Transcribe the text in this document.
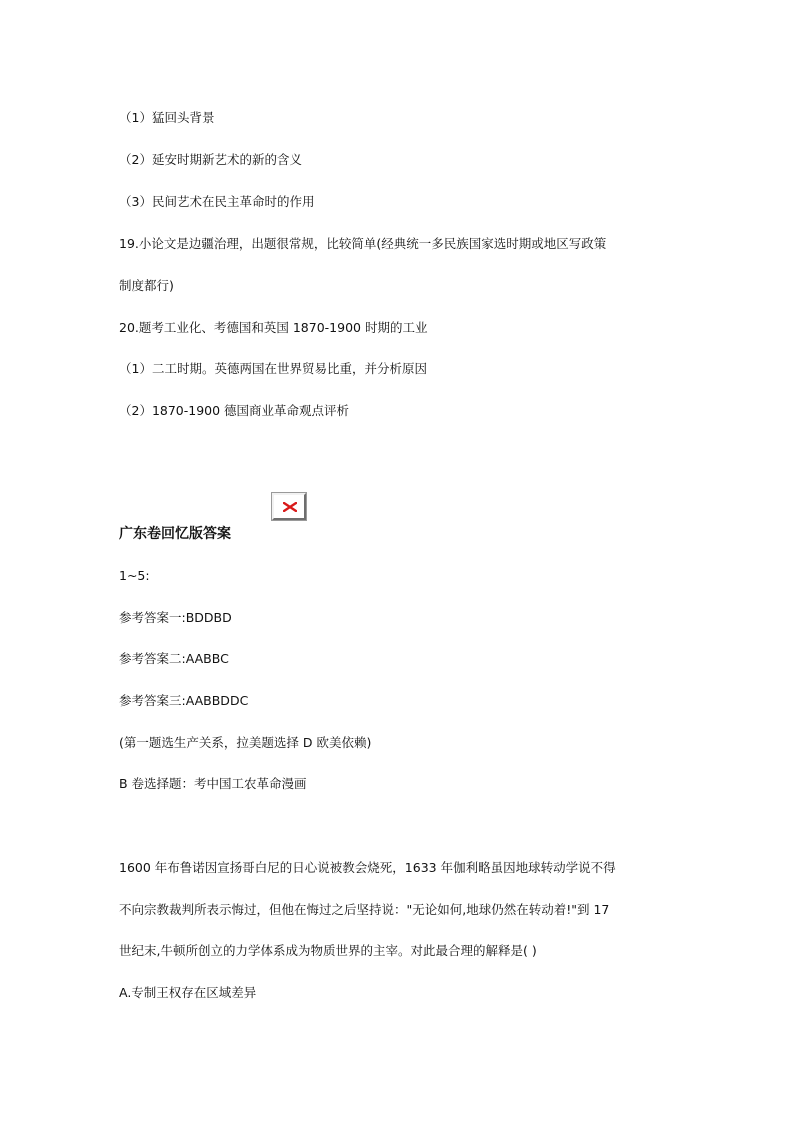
（1）猛回头背景
（2）延安时期新艺术的新的含义
（3）民间艺术在民主革命时的作用
19.小论文是边疆治理，出题很常规，比较简单(经典统一多民族国家选时期或地区写政策
制度都行)
20.题考工业化、考德国和英国 1870-1900 时期的工业
（1）二工时期。英德两国在世界贸易比重，并分析原因
（2）1870-1900 德国商业革命观点评析
广东卷回忆版答案
1~5:
参考答案一:BDDBD
参考答案二:AABBC
参考答案三:AABBDDC
(第一题选生产关系，拉美题选择 D 欧美依赖)
B 卷选择题：考中国工农革命漫画
1600 年布鲁诺因宣扬哥白尼的日心说被教会烧死，1633 年伽利略虽因地球转动学说不得
不向宗教裁判所表示悔过，但他在悔过之后坚持说："无论如何,地球仍然在转动着!"到 17
世纪末,牛顿所创立的力学体系成为物质世界的主宰。对此最合理的解释是( )
A.专制王权存在区域差异
